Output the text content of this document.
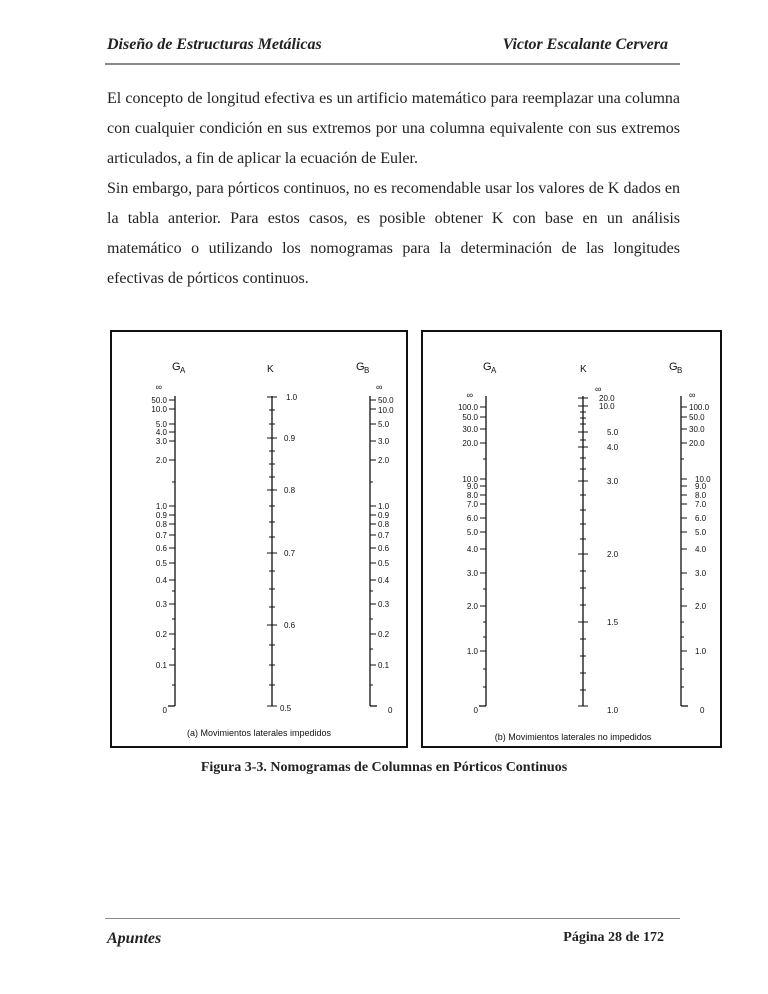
Diseño de Estructuras Metálicas	Victor Escalante Cervera

El concepto de longitud efectiva es un artificio matemático para reemplazar una columna con cualquier condición en sus extremos por una columna equivalente con sus extremos articulados, a fin de aplicar la ecuación de Euler.

Sin embargo, para pórticos continuos, no es recomendable usar los valores de K dados en la tabla anterior. Para estos casos, es posible obtener K con base en un análisis matemático o utilizando los nomogramas para la determinación de las longitudes efectivas de pórticos continuos.

G A	K	G B
∞
50.0
10.0
5.0
4.0
3.0
2.0
1.0
0.9
0.8
0.7
0.6
0.5
0.4
0.3
0.2
0.1
0
1.0
0.9
0.8
0.7
0.6
0.5
∞
50.0
10.0
5.0
3.0
2.0
1.0
0.9
0.8
0.7
0.6
0.5
0.4
0.3
0.2
0.1
0
(a) Movimientos laterales impedidos
G A	K	G B
∞
100.0
50.0
30.0
20.0
10.0
9.0
8.0
7.0
6.0
5.0
4.0
3.0
2.0
1.0
0
∞
20.0
10.0
5.0
4.0
3.0
2.0
1.5
1.0
∞
100.0
50.0
30.0
20.0
10.0
9.0
8.0
7.0
6.0
5.0
4.0
3.0
2.0
1.0
0
(b) Movimientos laterales no impedidos
Figura 3-3. Nomogramas de Columnas en Pórticos Continuos
Apuntes	Página 28 de 172
